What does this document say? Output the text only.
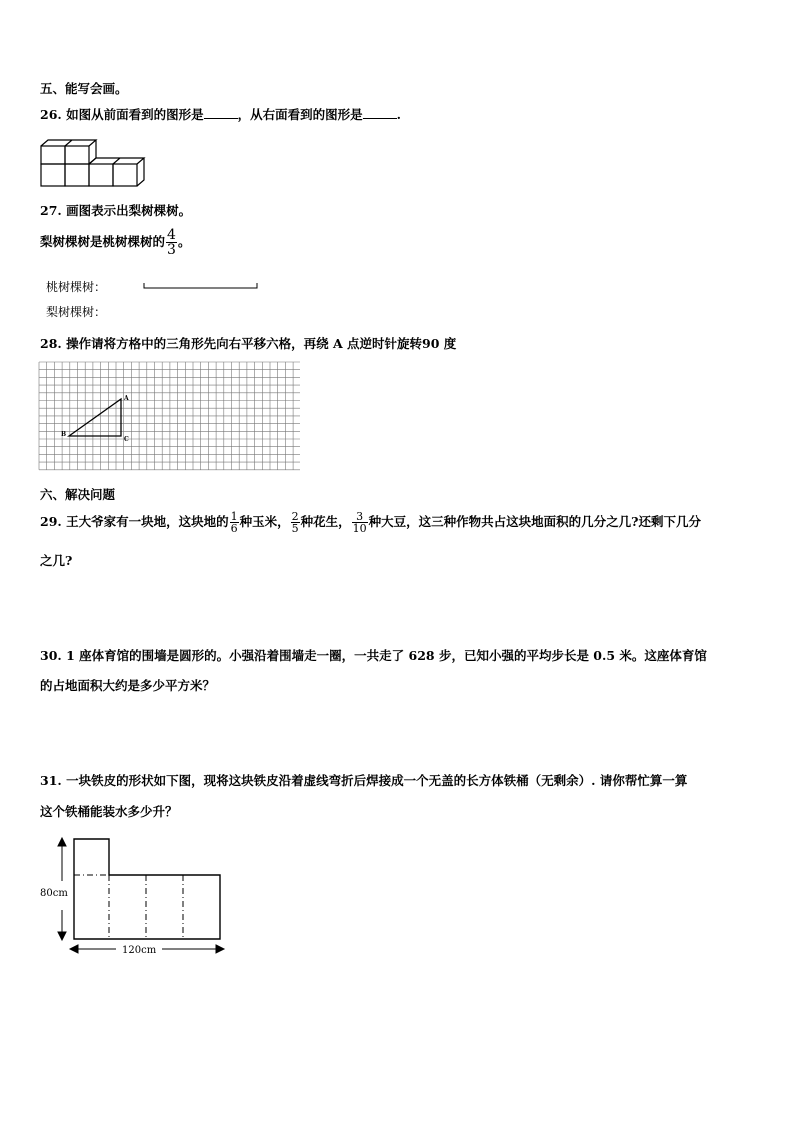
五、能写会画。
26. 如图从前面看到的图形是	，从右面看到的图形是	.
27. 画图表示出梨树棵树。
梨树棵树是桃树棵树的 $\frac{4}{3}$ 。
桃树棵树：
梨树棵树：
28. 操作请将方格中的三角形先向右平移六格，再绕 A 点逆时针旋转90 度
A
B
C
六、解决问题
29. 王大爷家有一块地，这块地的 $\frac{1}{6}$ 种玉米， $\frac{2}{5}$ 种花生， $\frac{3}{10}$ 种大豆，这三种作物共占这块地面积的几分之几?还剩下几分
之几?
30. 1 座体育馆的围墙是圆形的。小强沿着围墙走一圈，一共走了 628 步，已知小强的平均步长是 0.5 米。这座体育馆
的占地面积大约是多少平方米？
31. 一块铁皮的形状如下图，现将这块铁皮沿着虚线弯折后焊接成一个无盖的长方体铁桶（无剩余）. 请你帮忙算一算
这个铁桶能装水多少升？
80cm
120cm
